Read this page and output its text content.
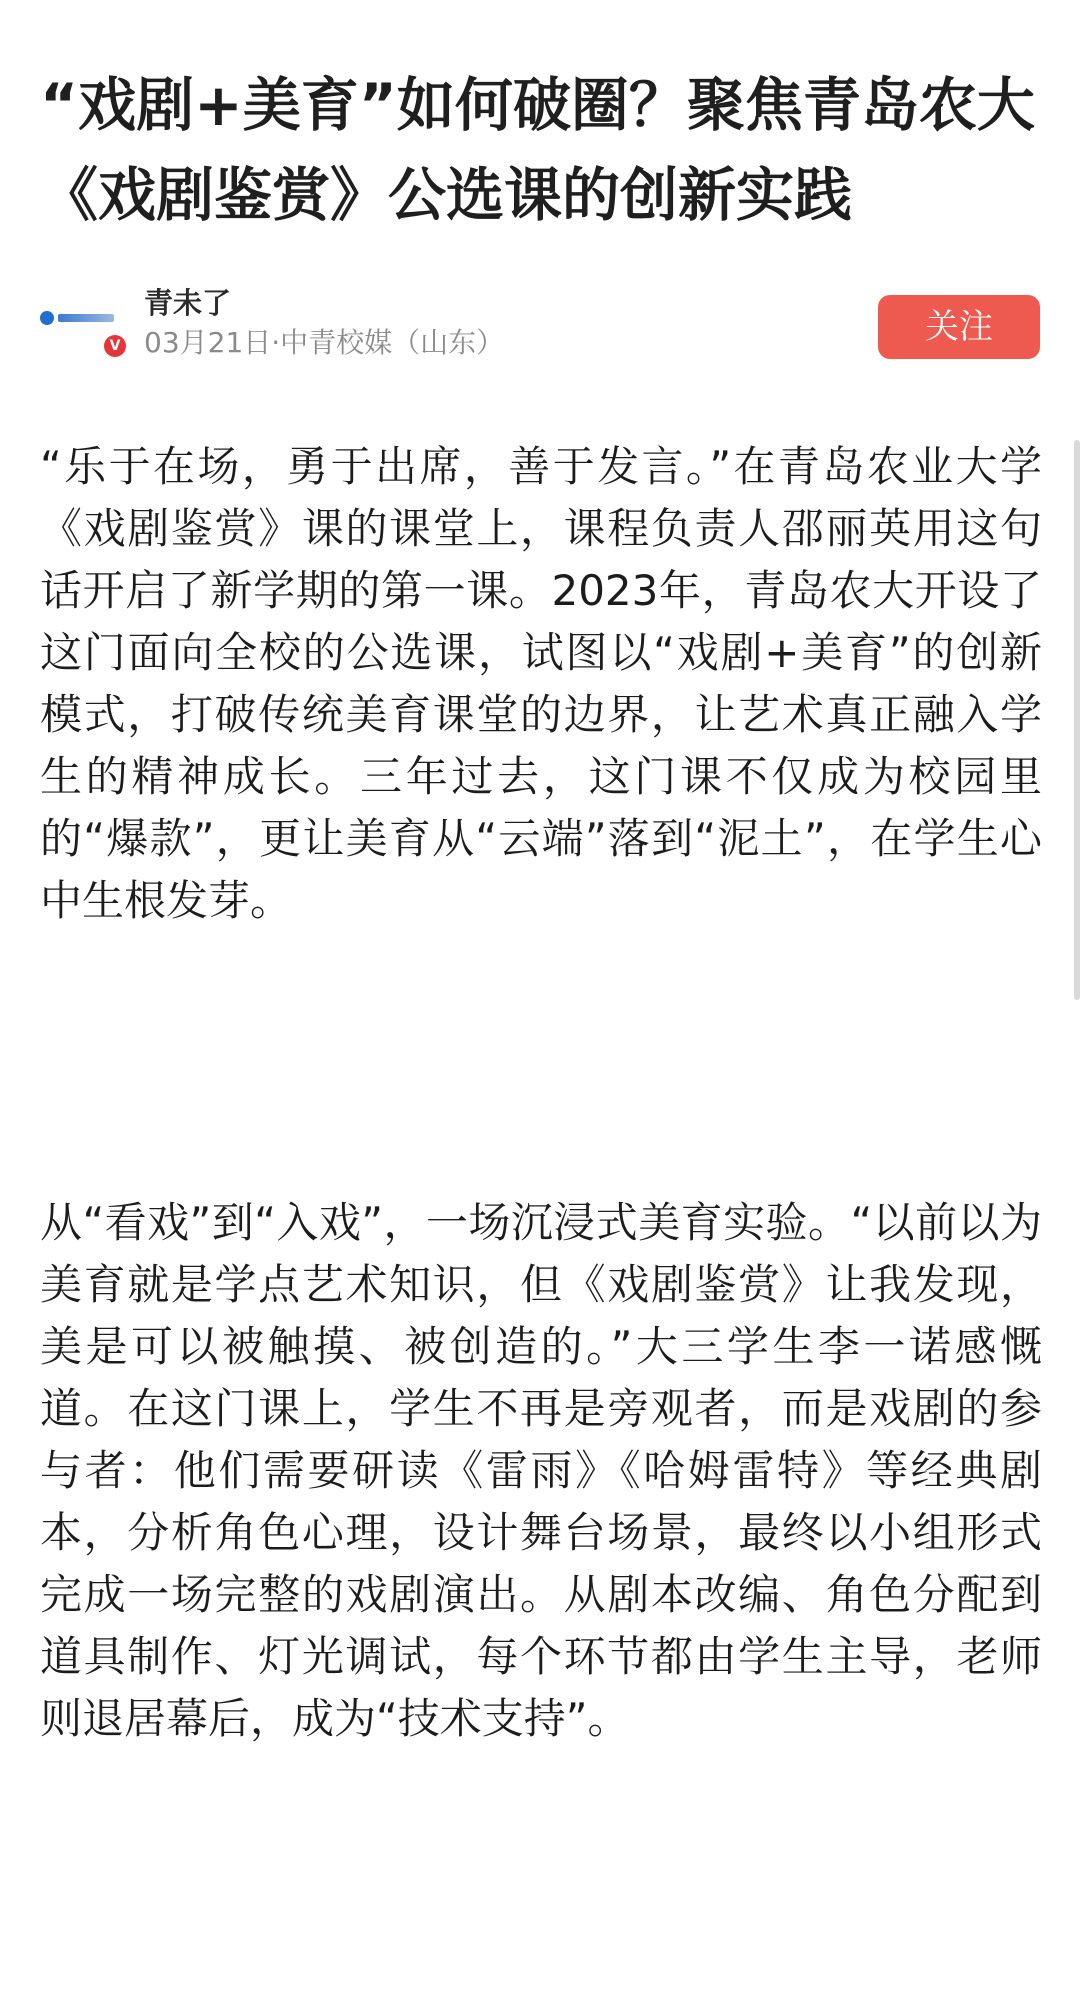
“戏剧+美育”如何破圈？聚焦青岛农大《戏剧鉴赏》公选课的创新实践
V
青未了
03月21日·中青校媒（山东）	关注

“乐于在场，勇于出席，善于发言。”在青岛农业大学《戏剧鉴赏》课的课堂上，课程负责人邵丽英用这句话开启了新学期的第一课。2023年，青岛农大开设了这门面向全校的公选课，试图以“戏剧+美育”的创新模式，打破传统美育课堂的边界，让艺术真正融入学生的精神成长。三年过去，这门课不仅成为校园里的“爆款”，更让美育从“云端”落到“泥土”，在学生心中生根发芽。

从“看戏”到“入戏”，一场沉浸式美育实验。“以前以为美育就是学点艺术知识，但《戏剧鉴赏》让我发现，美是可以被触摸、被创造的。”大三学生李一诺感慨道。在这门课上，学生不再是旁观者，而是戏剧的参与者：他们需要研读《雷雨》《哈姆雷特》等经典剧本，分析角色心理，设计舞台场景，最终以小组形式完成一场完整的戏剧演出。从剧本改编、角色分配到道具制作、灯光调试，每个环节都由学生主导，老师则退居幕后，成为“技术支持”。
